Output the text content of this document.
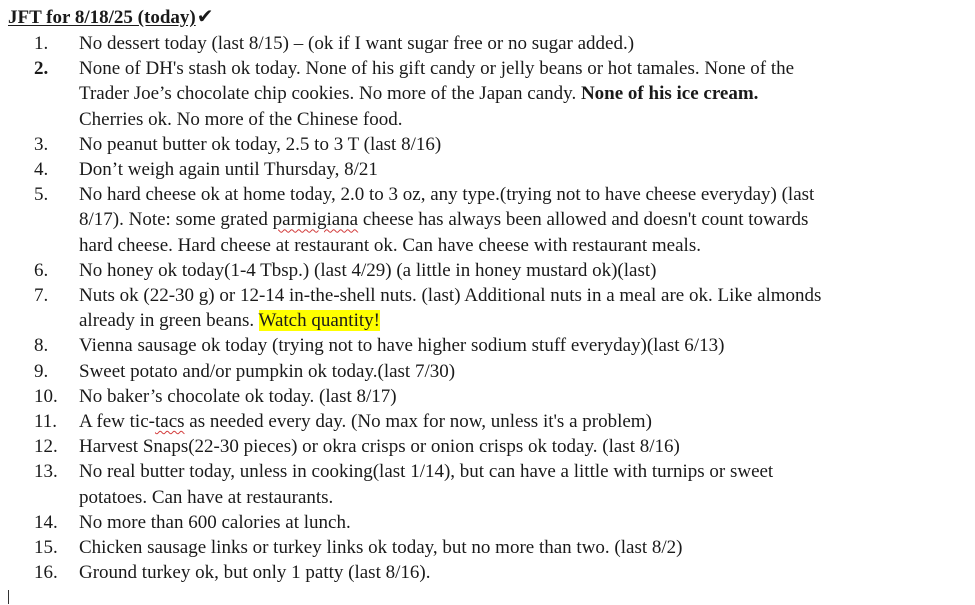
JFT for 8/18/25 (today)✔
1.	No dessert today (last 8/15) – (ok if I want sugar free or no sugar added.)
2.	None of DH's stash ok today. None of his gift candy or jelly beans or hot tamales. None of the
Trader Joe’s chocolate chip cookies. No more of the Japan candy. None of his ice cream.
Cherries ok. No more of the Chinese food.
3.	No peanut butter ok today, 2.5 to 3 T (last 8/16)
4.	Don’t weigh again until Thursday, 8/21
5.	No hard cheese ok at home today, 2.0 to 3 oz, any type.(trying not to have cheese everyday) (last
8/17). Note: some grated parmigiana cheese has always been allowed and doesn't count towards
hard cheese. Hard cheese at restaurant ok. Can have cheese with restaurant meals.
6.	No honey ok today(1-4 Tbsp.) (last 4/29) (a little in honey mustard ok)(last)
7.	Nuts ok (22-30 g) or 12-14 in-the-shell nuts. (last) Additional nuts in a meal are ok. Like almonds
already in green beans. Watch quantity!
8.	Vienna sausage ok today (trying not to have higher sodium stuff everyday)(last 6/13)
9.	Sweet potato and/or pumpkin ok today.(last 7/30)
10.	No baker’s chocolate ok today. (last 8/17)
11.	A few tic-tacs as needed every day. (No max for now, unless it's a problem)
12.	Harvest Snaps(22-30 pieces) or okra crisps or onion crisps ok today. (last 8/16)
13.	No real butter today, unless in cooking(last 1/14), but can have a little with turnips or sweet
potatoes. Can have at restaurants.
14.	No more than 600 calories at lunch.
15.	Chicken sausage links or turkey links ok today, but no more than two. (last 8/2)
16.	Ground turkey ok, but only 1 patty (last 8/16).
